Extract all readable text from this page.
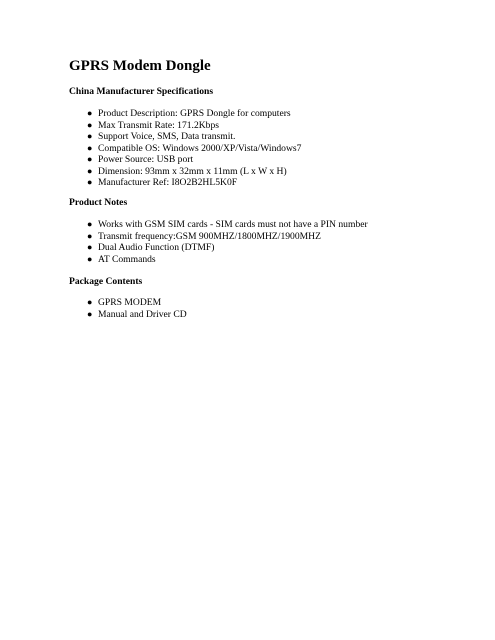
GPRS Modem Dongle
China Manufacturer Specifications
● Product Description: GPRS Dongle for computers
● Max Transmit Rate: 171.2Kbps
● Support Voice, SMS, Data transmit.
● Compatible OS: Windows 2000/XP/Vista/Windows7
● Power Source: USB port
● Dimension: 93mm x 32mm x 11mm (L x W x H)
● Manufacturer Ref: I8O2B2HL5K0F
Product Notes
● Works with GSM SIM cards - SIM cards must not have a PIN number
● Transmit frequency:GSM 900MHZ/1800MHZ/1900MHZ
● Dual Audio Function (DTMF)
● AT Commands
Package Contents
● GPRS MODEM
● Manual and Driver CD
